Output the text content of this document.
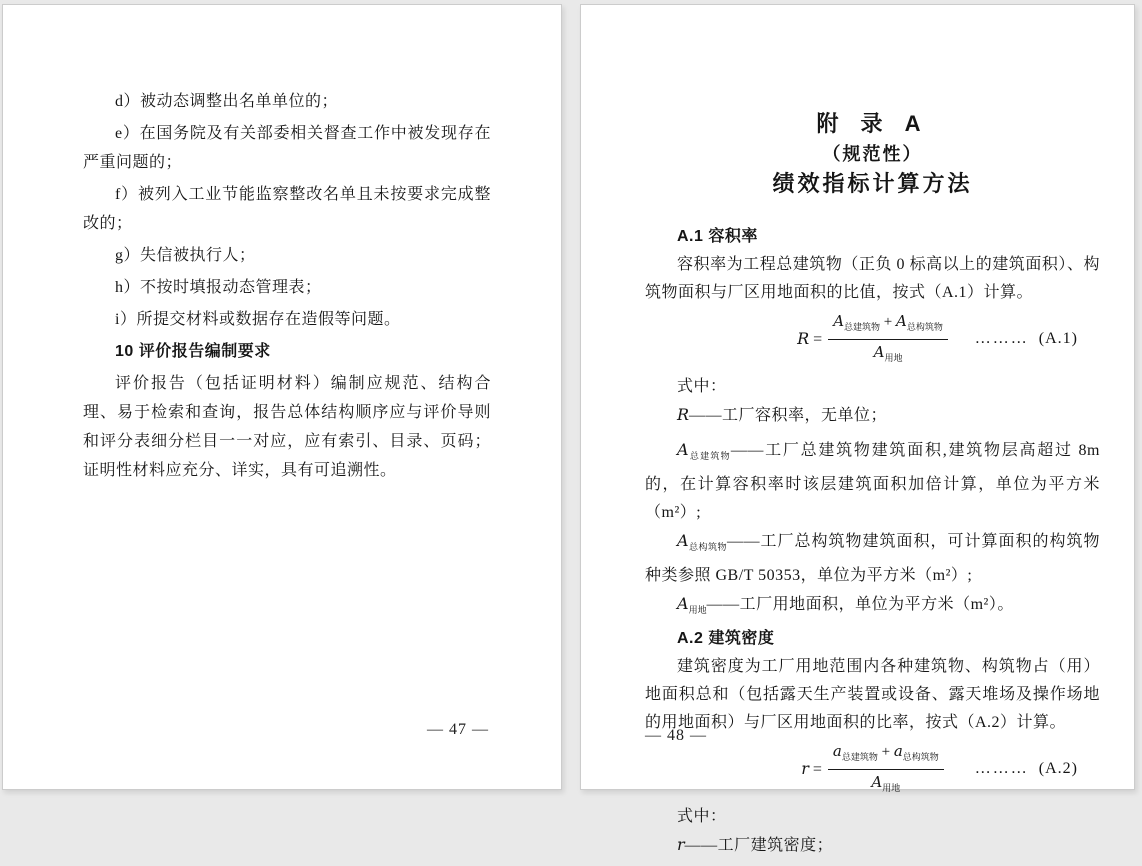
d）被动态调整出名单单位的；

e）在国务院及有关部委相关督查工作中被发现存在严重问题的；

f）被列入工业节能监察整改名单且未按要求完成整改的；

g）失信被执行人；

h）不按时填报动态管理表；

i）所提交材料或数据存在造假等问题。

10 评价报告编制要求

评价报告（包括证明材料）编制应规范、结构合理、易于检索和查询，报告总体结构顺序应与评价导则和评分表细分栏目一一对应，应有索引、目录、页码；证明性材料应充分、详实，具有可追溯性。

— 47 —
附 录 A
（规范性）
绩效指标计算方法
A.1 容积率

容积率为工程总建筑物（正负 0 标高以上的建筑面积）、构筑物面积与厂区用地面积的比值，按式（A.1）计算。

$R = \frac{A_{总建筑物} + A_{总构筑物}}{A_{用地}}$ ……… (A.1)

式中：

R——工厂容积率，无单位；

$A_{总建筑物}——$工厂总建筑物建筑面积,建筑物层高超过 8m 的，在计算容积率时该层建筑面积加倍计算，单位为平方米（m²）;

$A_{总构筑物}——$工厂总构筑物建筑面积，可计算面积的构筑物种类参照 GB/T 50353，单位为平方米（m²）;

$A_{用地}——$工厂用地面积，单位为平方米（m²）。

A.2 建筑密度

建筑密度为工厂用地范围内各种建筑物、构筑物占（用）地面积总和（包括露天生产装置或设备、露天堆场及操作场地的用地面积）与厂区用地面积的比率，按式（A.2）计算。

$r = \frac{a_{总建筑物} + a_{总构筑物}}{A_{用地}}$ ……… (A.2)

式中：

r——工厂建筑密度；

— 48 —
